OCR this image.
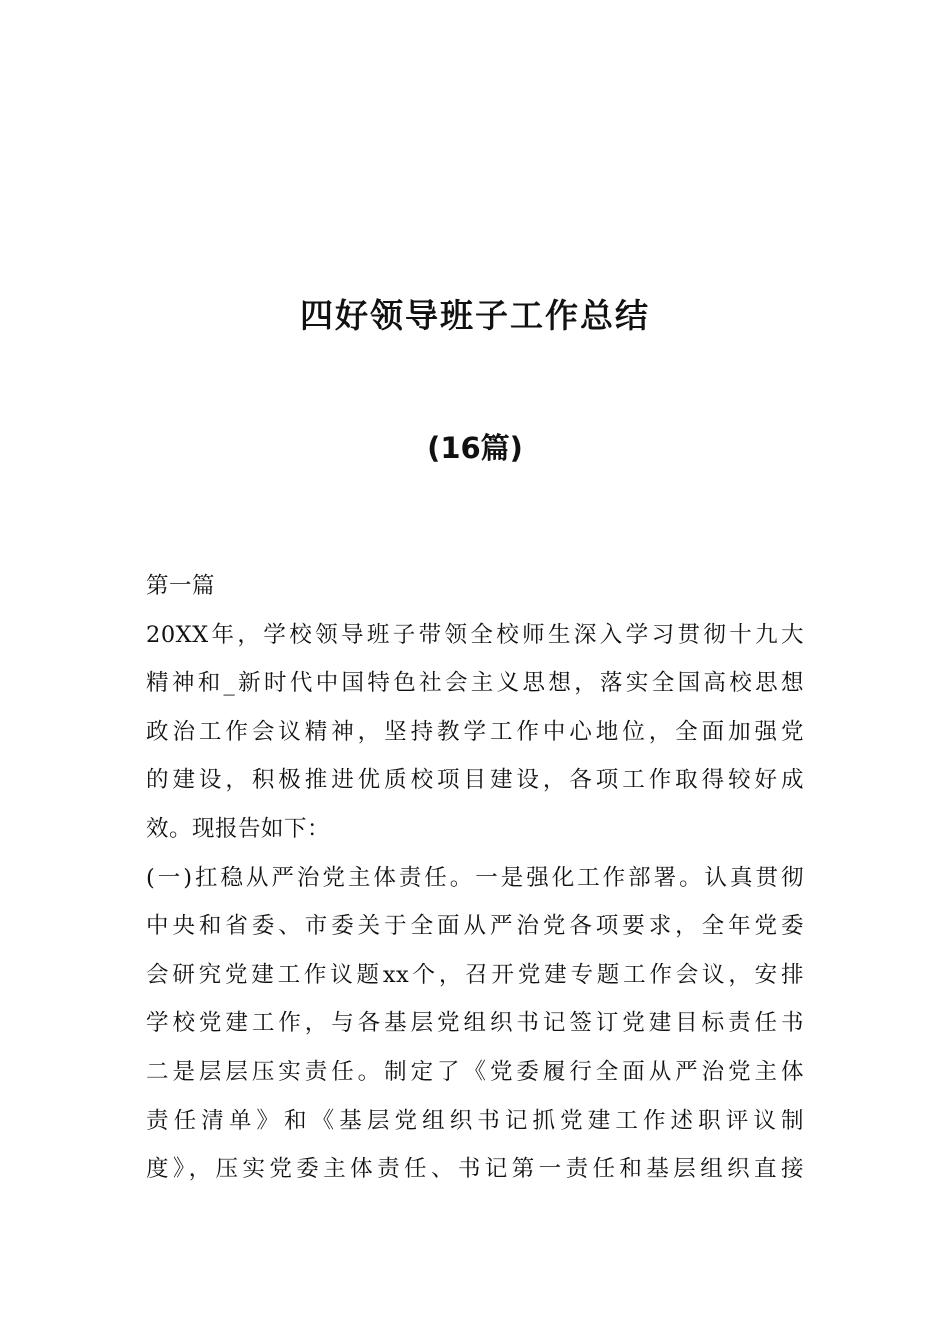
四好领导班子工作总结
(16篇)
第一篇
20XX年，学校领导班子带领全校师生深入学习贯彻十九大
精神和_新时代中国特色社会主义思想，落实全国高校思想
政治工作会议精神，坚持教学工作中心地位，全面加强党
的建设，积极推进优质校项目建设，各项工作取得较好成
效。现报告如下：
(一)扛稳从严治党主体责任。一是强化工作部署。认真贯彻
中央和省委、市委关于全面从严治党各项要求，全年党委
会研究党建工作议题xx个，召开党建专题工作会议，安排
学校党建工作，与各基层党组织书记签订党建目标责任书
二是层层压实责任。制定了《党委履行全面从严治党主体
责任清单》和《基层党组织书记抓党建工作述职评议制
度》，压实党委主体责任、书记第一责任和基层组织直接
